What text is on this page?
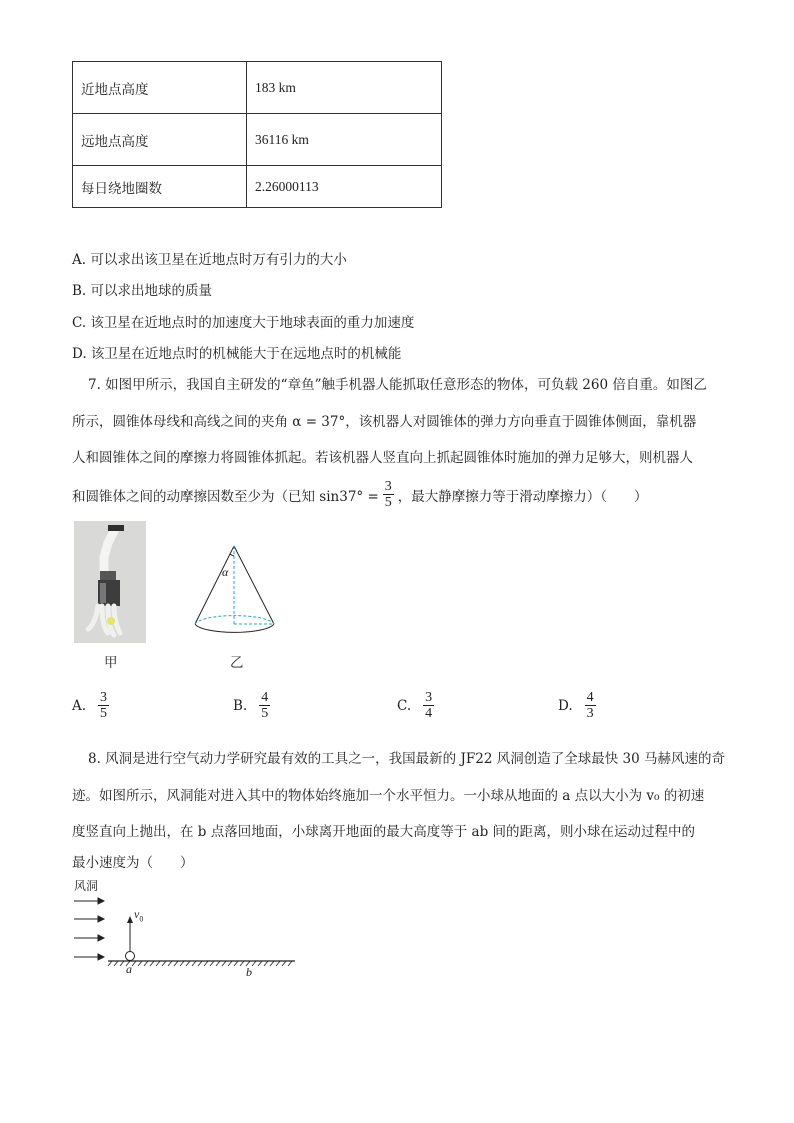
近地点高度	183 km
远地点高度	36116 km
每日绕地圈数	2.26000113
A. 可以求出该卫星在近地点时万有引力的大小
B. 可以求出地球的质量
C. 该卫星在近地点时的加速度大于地球表面的重力加速度
D. 该卫星在近地点时的机械能大于在远地点时的机械能
7. 如图甲所示，我国自主研发的“章鱼”触手机器人能抓取任意形态的物体，可负载 260 倍自重。如图乙
所示，圆锥体母线和高线之间的夹角 α = 37°，该机器人对圆锥体的弹力方向垂直于圆锥体侧面，靠机器
人和圆锥体之间的摩擦力将圆锥体抓起。若该机器人竖直向上抓起圆锥体时施加的弹力足够大，则机器人
和圆锥体之间的动摩擦因数至少为（已知 $\sin 37^\circ = \frac{3}{5}$ ，最大静摩擦力等于滑动摩擦力）（　　）
甲
α
乙
A. $\frac{3}{5}$	B. $\frac{4}{5}$	C. $\frac{3}{4}$	D. $\frac{4}{3}$
8. 风洞是进行空气动力学研究最有效的工具之一，我国最新的 JF22 风洞创造了全球最快 30 马赫风速的奇
迹。如图所示，风洞能对进入其中的物体始终施加一个水平恒力。一小球从地面的 a 点以大小为 v₀ 的初速
度竖直向上抛出，在 b 点落回地面，小球离开地面的最大高度等于 ab 间的距离，则小球在运动过程中的
最小速度为（　　）
风洞
$v_0$
a	b
